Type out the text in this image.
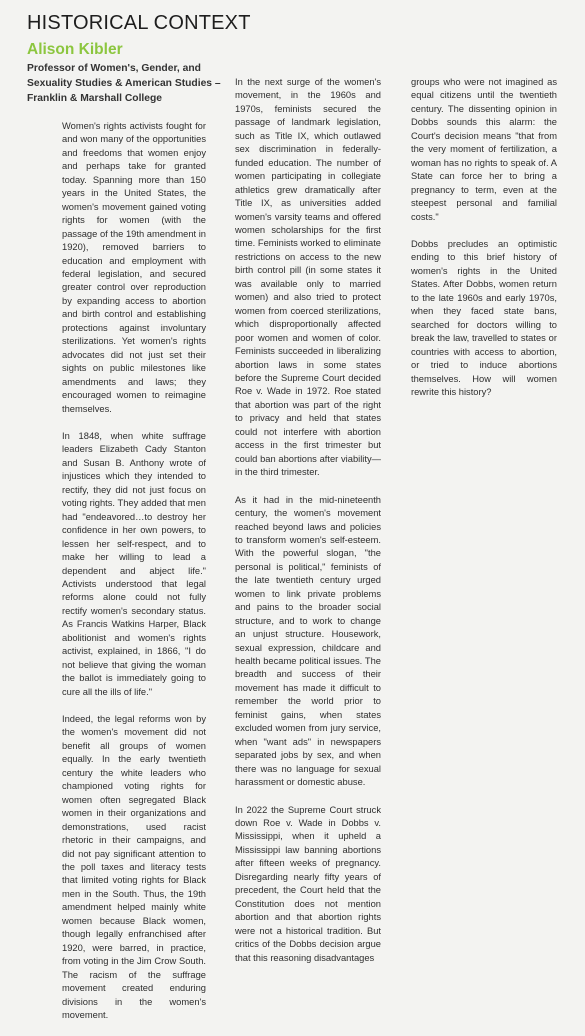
HISTORICAL CONTEXT
Alison Kibler
Professor of Women's, Gender, and Sexuality Studies & American Studies – Franklin & Marshall College

Women's rights activists fought for and won many of the opportunities and freedoms that women enjoy and perhaps take for granted today. Spanning more than 150 years in the United States, the women's movement gained voting rights for women (with the passage of the 19th amendment in 1920), removed barriers to education and employment with federal legislation, and secured greater control over reproduction by expanding access to abortion and birth control and establishing protections against involuntary sterilizations. Yet women's rights advocates did not just set their sights on public milestones like amendments and laws; they encouraged women to reimagine themselves.

In 1848, when white suffrage leaders Elizabeth Cady Stanton and Susan B. Anthony wrote of injustices which they intended to rectify, they did not just focus on voting rights. They added that men had "endeavored…to destroy her confidence in her own powers, to lessen her self-respect, and to make her willing to lead a dependent and abject life." Activists understood that legal reforms alone could not fully rectify women's secondary status. As Francis Watkins Harper, Black abolitionist and women's rights activist, explained, in 1866, "I do not believe that giving the woman the ballot is immediately going to cure all the ills of life."

Indeed, the legal reforms won by the women's movement did not benefit all groups of women equally. In the early twentieth century the white leaders who championed voting rights for women often segregated Black women in their organizations and demonstrations, used racist rhetoric in their campaigns, and did not pay significant attention to the poll taxes and literacy tests that limited voting rights for Black men in the South. Thus, the 19th amendment helped mainly white women because Black women, though legally enfranchised after 1920, were barred, in practice, from voting in the Jim Crow South. The racism of the suffrage movement created enduring divisions in the women's movement.

In the next surge of the women's movement, in the 1960s and 1970s, feminists secured the passage of landmark legislation, such as Title IX, which outlawed sex discrimination in federally-funded education. The number of women participating in collegiate athletics grew dramatically after Title IX, as universities added women's varsity teams and offered women scholarships for the first time. Feminists worked to eliminate restrictions on access to the new birth control pill (in some states it was available only to married women) and also tried to protect women from coerced sterilizations, which disproportionally affected poor women and women of color. Feminists succeeded in liberalizing abortion laws in some states before the Supreme Court decided Roe v. Wade in 1972. Roe stated that abortion was part of the right to privacy and held that states could not interfere with abortion access in the first trimester but could ban abortions after viability—in the third trimester.

As it had in the mid-nineteenth century, the women's movement reached beyond laws and policies to transform women's self-esteem. With the powerful slogan, "the personal is political," feminists of the late twentieth century urged women to link private problems and pains to the broader social structure, and to work to change an unjust structure. Housework, sexual expression, childcare and health became political issues. The breadth and success of their movement has made it difficult to remember the world prior to feminist gains, when states excluded women from jury service, when "want ads" in newspapers separated jobs by sex, and when there was no language for sexual harassment or domestic abuse.

In 2022 the Supreme Court struck down Roe v. Wade in Dobbs v. Mississippi, when it upheld a Mississippi law banning abortions after fifteen weeks of pregnancy. Disregarding nearly fifty years of precedent, the Court held that the Constitution does not mention abortion and that abortion rights were not a historical tradition. But critics of the Dobbs decision argue that this reasoning disadvantages

groups who were not imagined as equal citizens until the twentieth century. The dissenting opinion in Dobbs sounds this alarm: the Court's decision means "that from the very moment of fertilization, a woman has no rights to speak of. A State can force her to bring a pregnancy to term, even at the steepest personal and familial costs."

Dobbs precludes an optimistic ending to this brief history of women's rights in the United States. After Dobbs, women return to the late 1960s and early 1970s, when they faced state bans, searched for doctors willing to break the law, travelled to states or countries with access to abortion, or tried to induce abortions themselves. How will women rewrite this history?
